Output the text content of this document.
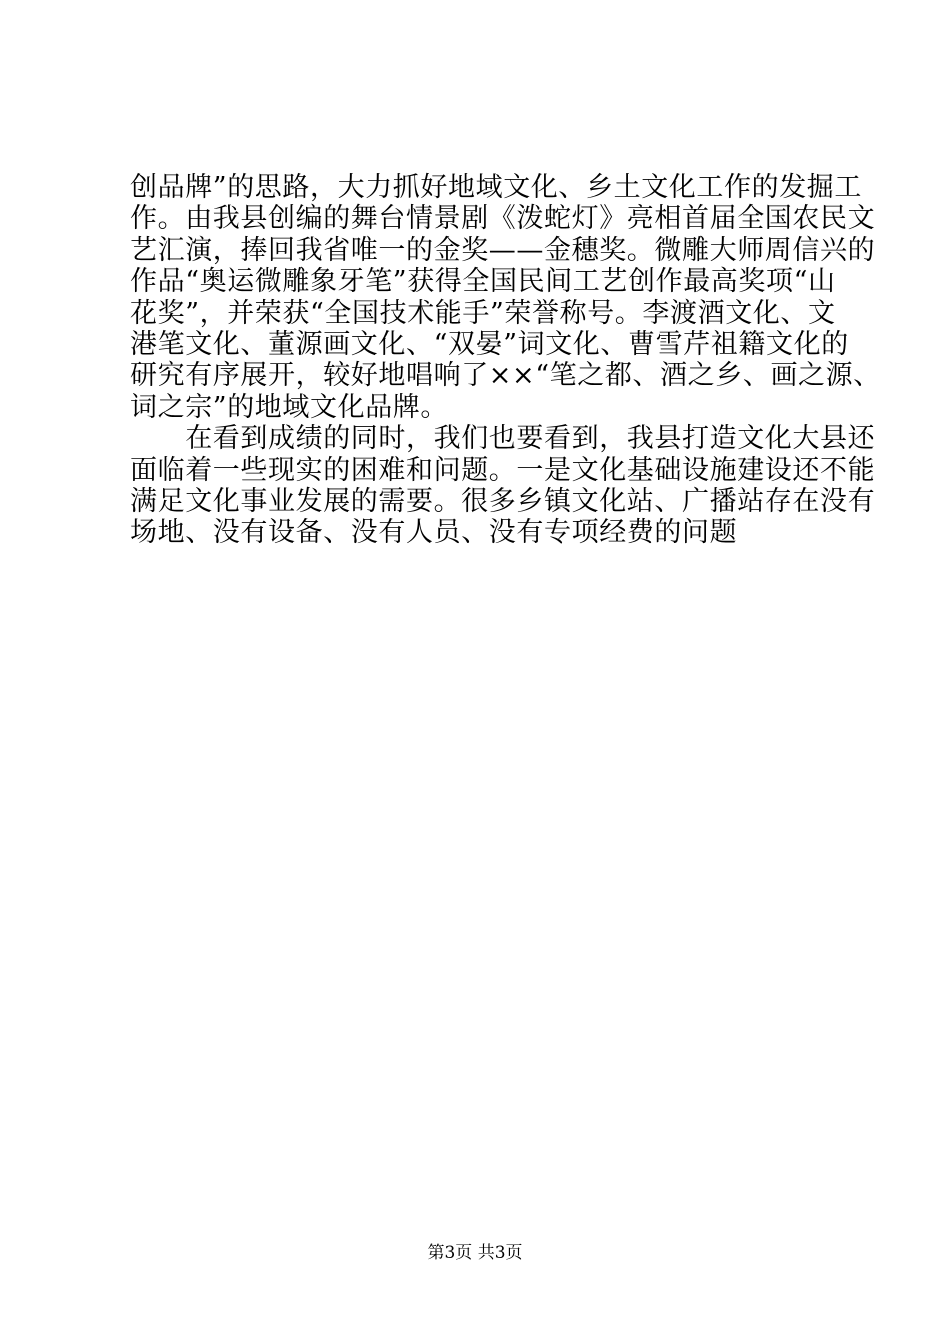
创品牌”的思路，大力抓好地域文化、乡土文化工作的发掘工
作。由我县创编的舞台情景剧《泼蛇灯》亮相首届全国农民文
艺汇演，捧回我省唯一的金奖——金穗奖。微雕大师周信兴的
作品“奥运微雕象牙笔”获得全国民间工艺创作最高奖项“山
花奖”，并荣获“全国技术能手”荣誉称号。李渡酒文化、文
港笔文化、董源画文化、“双晏”词文化、曹雪芹祖籍文化的
研究有序展开，较好地唱响了××“笔之都、酒之乡、画之源、
词之宗”的地域文化品牌。
　　在看到成绩的同时，我们也要看到，我县打造文化大县还
面临着一些现实的困难和问题。一是文化基础设施建设还不能
满足文化事业发展的需要。很多乡镇文化站、广播站存在没有
场地、没有设备、没有人员、没有专项经费的问题
第3页 共3页
